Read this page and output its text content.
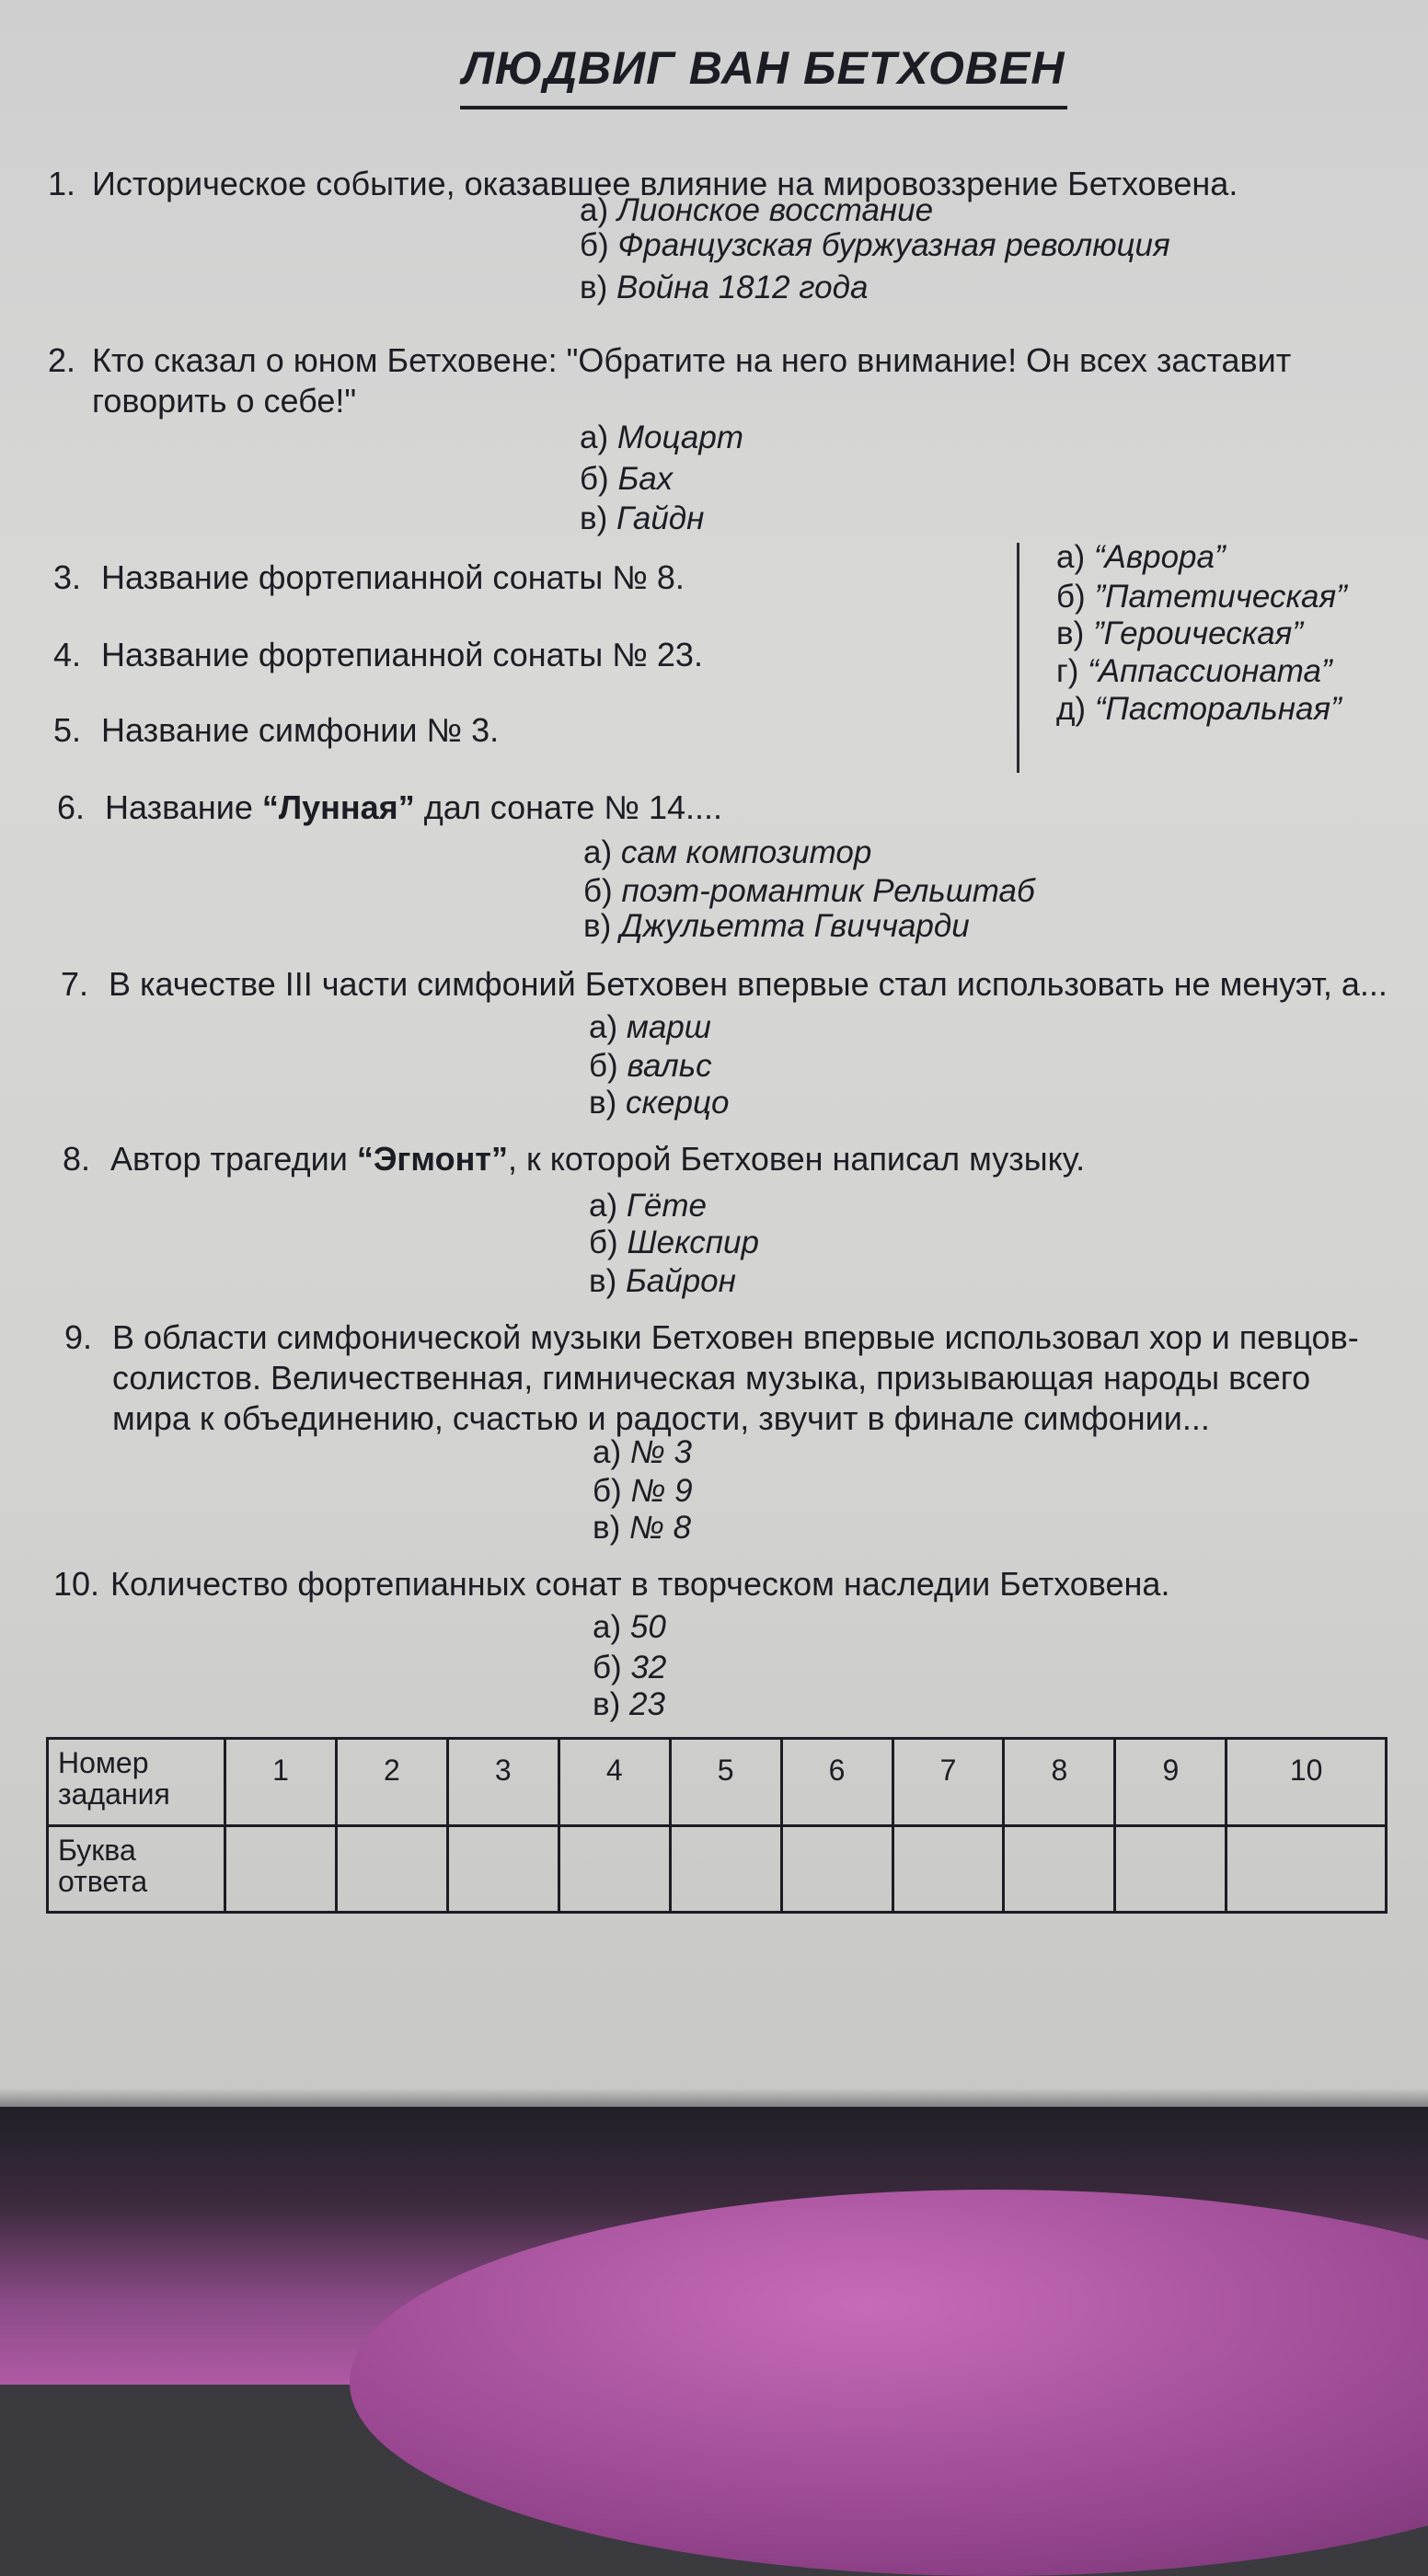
ЛЮДВИГ ВАН БЕТХОВЕН
1. Историческое событие, оказавшее влияние на мировоззрение Бетховена.
а) Лионское восстание
б) Французская буржуазная революция
в) Война 1812 года
2. Кто сказал о юном Бетховене: "Обратите на него внимание! Он всех заставит
говорить о себе!"
а) Моцарт
б) Бах
в) Гайдн
3. Название фортепианной сонаты № 8.
4. Название фортепианной сонаты № 23.
5. Название симфонии № 3.
а) “Аврора”
б) ”Патетическая”
в) ”Героическая”
г) “Аппассионата”
д) “Пасторальная”
6. Название “Лунная” дал сонате № 14....
а) сам композитор
б) поэт-романтик Рельштаб
в) Джульетта Гвиччарди
7. В качестве III части симфоний Бетховен впервые стал использовать не менуэт, а...
а) марш
б) вальс
в) скерцо
8. Автор трагедии “Эгмонт”, к которой Бетховен написал музыку.
а) Гёте
б) Шекспир
в) Байрон
9. В области симфонической музыки Бетховен впервые использовал хор и певцов-
солистов. Величественная, гимническая музыка, призывающая народы всего
мира к объединению, счастью и радости, звучит в финале симфонии...
а) № 3
б) № 9
в) № 8
10. Количество фортепианных сонат в творческом наследии Бетховена.
а) 50
б) 32
в) 23
Номер
задания	1	2	3	4	5	6	7	8	9	10
Буква
ответа										
